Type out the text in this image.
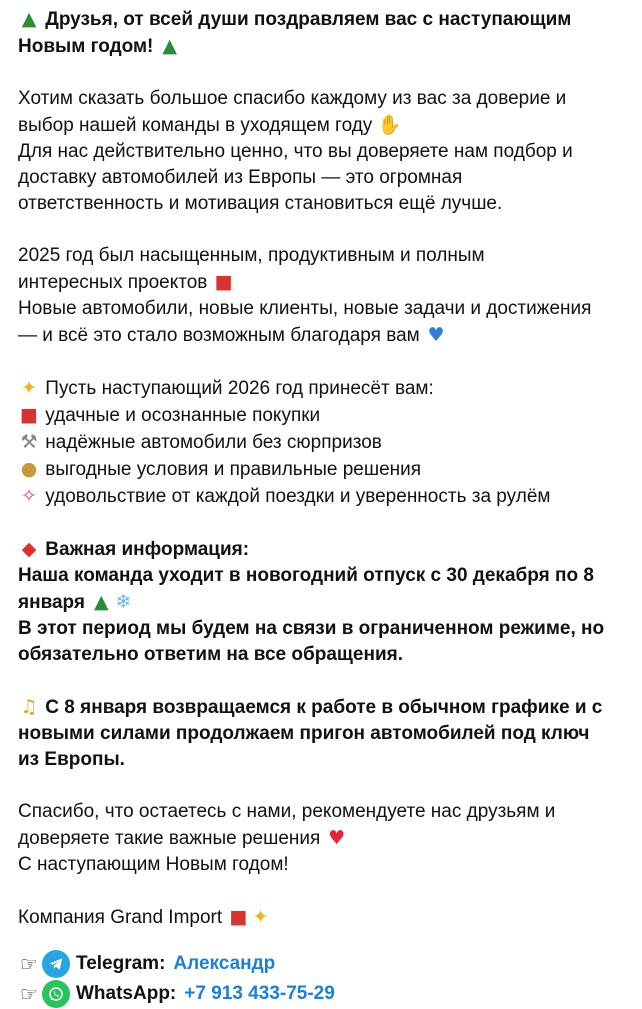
▲ Друзья, от всей души поздравляем вас с наступающим
Новым годом! ▲

Хотим сказать большое спасибо каждому из вас за доверие и
выбор нашей команды в уходящем году ✋
Для нас действительно ценно, что вы доверяете нам подбор и
доставку автомобилей из Европы — это огромная
ответственность и мотивация становиться ещё лучше.

2025 год был насыщенным, продуктивным и полным
интересных проектов ■
Новые автомобили, новые клиенты, новые задачи и достижения
— и всё это стало возможным благодаря вам ♥

✦ Пусть наступающий 2026 год принесёт вам:
■ удачные и осознанные покупки
⚒ надёжные автомобили без сюрпризов
● выгодные условия и правильные решения
✧ удовольствие от каждой поездки и уверенность за рулём

◆ Важная информация:
Наша команда уходит в новогодний отпуск с 30 декабря по 8
января ▲ ❄
В этот период мы будем на связи в ограниченном режиме, но
обязательно ответим на все обращения.

♫ С 8 января возвращаемся к работе в обычном графике и с
новыми силами продолжаем пригон автомобилей под ключ
из Европы.

Спасибо, что остаетесь с нами, рекомендуете нас друзьям и
доверяете такие важные решения ♥
С наступающим Новым годом!

Компания Grand Import ■ ✦

☞ Telegram: Александр
☞ WhatsApp: +7 913 433-75-29
